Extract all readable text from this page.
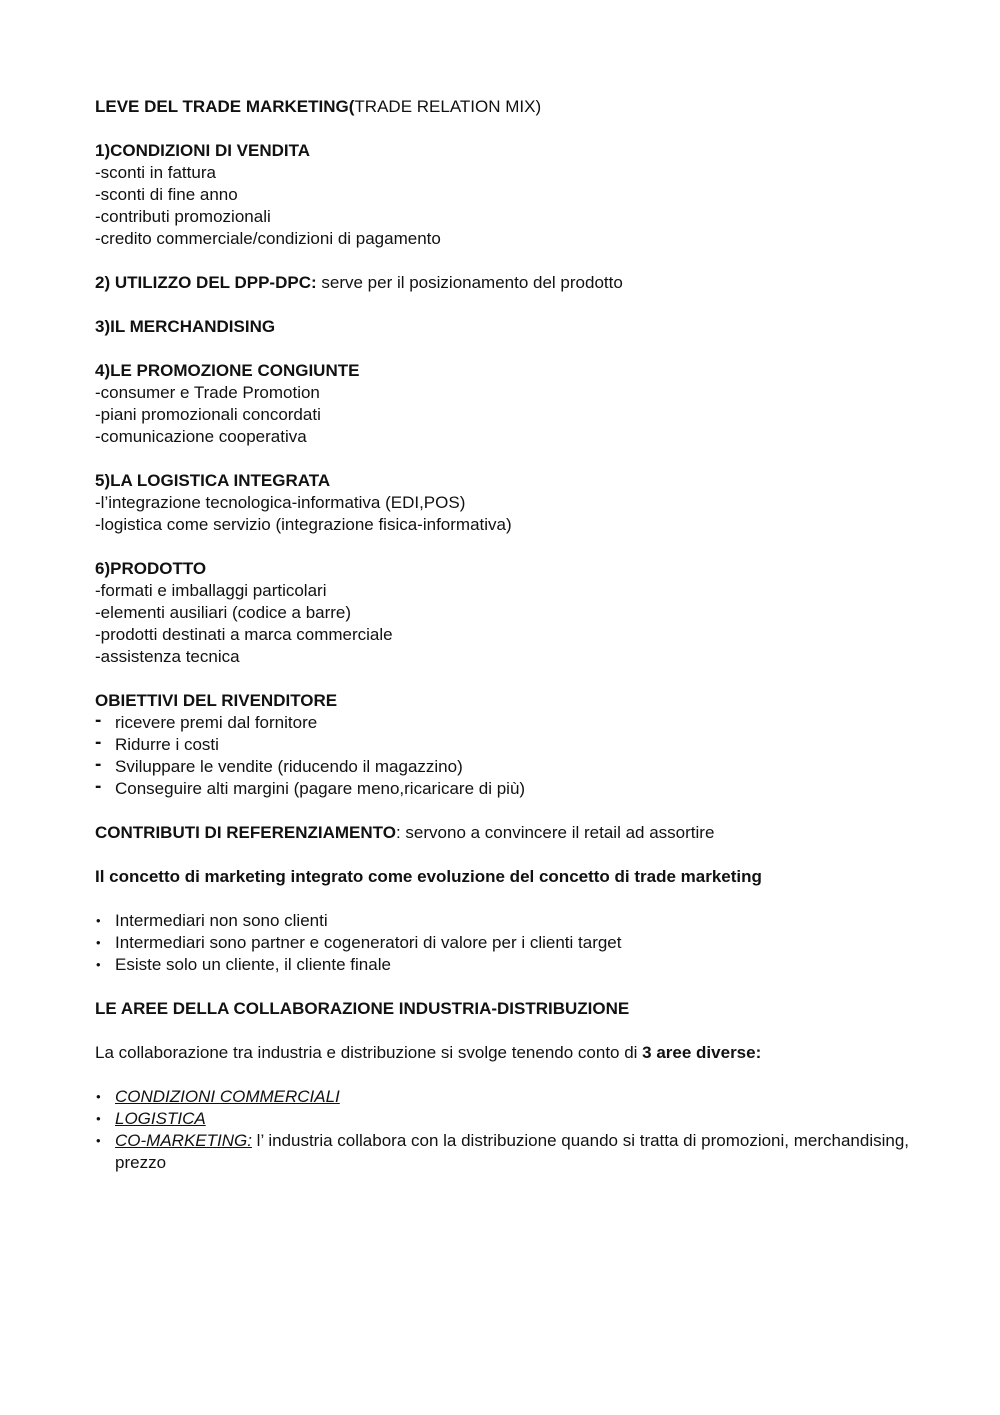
LEVE DEL TRADE MARKETING(TRADE RELATION MIX)
1)CONDIZIONI DI VENDITA
-sconti in fattura
-sconti di fine anno
-contributi promozionali
-credito commerciale/condizioni di pagamento
2) UTILIZZO DEL DPP-DPC: serve per il posizionamento del prodotto
3)IL MERCHANDISING
4)LE PROMOZIONE CONGIUNTE
-consumer e Trade Promotion
-piani promozionali concordati
-comunicazione cooperativa
5)LA LOGISTICA INTEGRATA
-l’integrazione tecnologica-informativa (EDI,POS)
-logistica come servizio (integrazione fisica-informativa)
6)PRODOTTO
-formati e imballaggi particolari
-elementi ausiliari (codice a barre)
-prodotti destinati a marca commerciale
-assistenza tecnica
OBIETTIVI DEL RIVENDITORE
- ricevere premi dal fornitore
- Ridurre i costi
- Sviluppare le vendite (riducendo il magazzino)
- Conseguire alti margini (pagare meno,ricaricare di più)
CONTRIBUTI DI REFERENZIAMENTO: servono a convincere il retail ad assortire
Il concetto di marketing integrato come evoluzione del concetto di trade marketing
• Intermediari non sono clienti
• Intermediari sono partner e cogeneratori di valore per i clienti target
• Esiste solo un cliente, il cliente finale
LE AREE DELLA COLLABORAZIONE INDUSTRIA-DISTRIBUZIONE
La collaborazione tra industria e distribuzione si svolge tenendo conto di 3 aree diverse:
• CONDIZIONI COMMERCIALI
• LOGISTICA
• CO-MARKETING: l’ industria collabora con la distribuzione quando si tratta di promozioni, merchandising, prezzo
